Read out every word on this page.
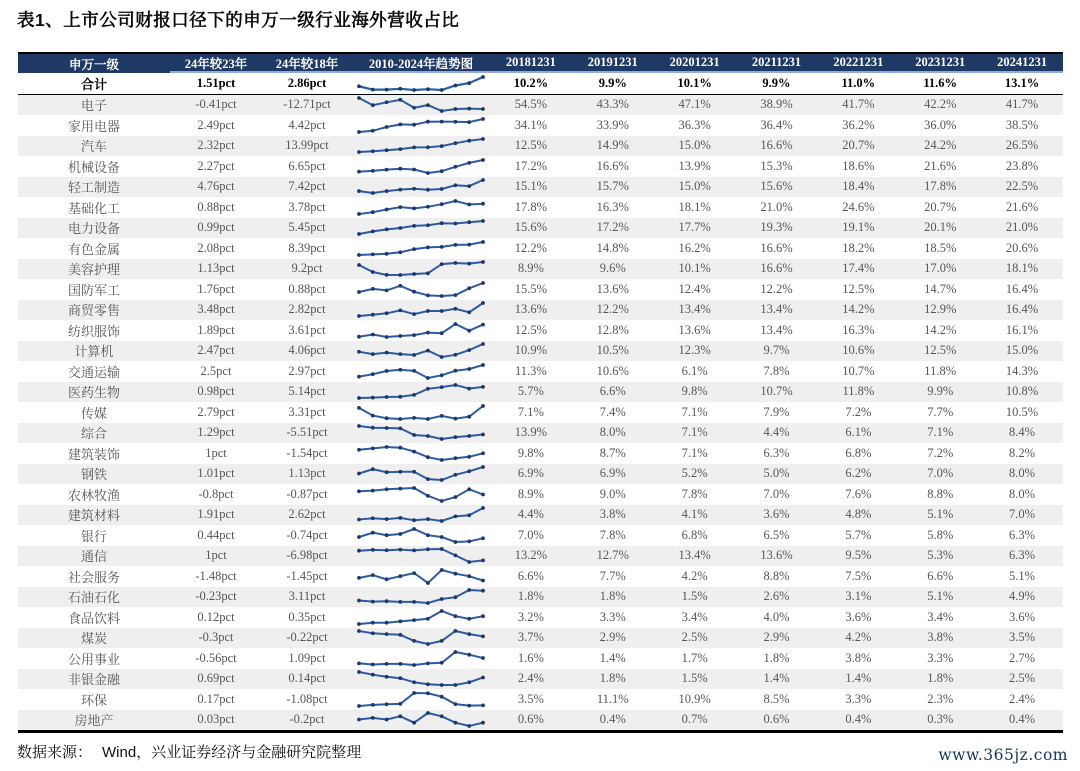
表1、上市公司财报口径下的申万一级行业海外营收占比
申万一级	24年较23年	24年较18年	2010-2024年趋势图	20181231	20191231	20201231	20211231	20221231	20231231	20241231
合计	1.51pct	2.86pct	10.2%	9.9%	10.1%	9.9%	11.0%	11.6%	13.1%
电子	-0.41pct	-12.71pct	54.5%	43.3%	47.1%	38.9%	41.7%	42.2%	41.7%
家用电器	2.49pct	4.42pct	34.1%	33.9%	36.3%	36.4%	36.2%	36.0%	38.5%
汽车	2.32pct	13.99pct	12.5%	14.9%	15.0%	16.6%	20.7%	24.2%	26.5%
机械设备	2.27pct	6.65pct	17.2%	16.6%	13.9%	15.3%	18.6%	21.6%	23.8%
轻工制造	4.76pct	7.42pct	15.1%	15.7%	15.0%	15.6%	18.4%	17.8%	22.5%
基础化工	0.88pct	3.78pct	17.8%	16.3%	18.1%	21.0%	24.6%	20.7%	21.6%
电力设备	0.99pct	5.45pct	15.6%	17.2%	17.7%	19.3%	19.1%	20.1%	21.0%
有色金属	2.08pct	8.39pct	12.2%	14.8%	16.2%	16.6%	18.2%	18.5%	20.6%
美容护理	1.13pct	9.2pct	8.9%	9.6%	10.1%	16.6%	17.4%	17.0%	18.1%
国防军工	1.76pct	0.88pct	15.5%	13.6%	12.4%	12.2%	12.5%	14.7%	16.4%
商贸零售	3.48pct	2.82pct	13.6%	12.2%	13.4%	13.4%	14.2%	12.9%	16.4%
纺织服饰	1.89pct	3.61pct	12.5%	12.8%	13.6%	13.4%	16.3%	14.2%	16.1%
计算机	2.47pct	4.06pct	10.9%	10.5%	12.3%	9.7%	10.6%	12.5%	15.0%
交通运输	2.5pct	2.97pct	11.3%	10.6%	6.1%	7.8%	10.7%	11.8%	14.3%
医药生物	0.98pct	5.14pct	5.7%	6.6%	9.8%	10.7%	11.8%	9.9%	10.8%
传媒	2.79pct	3.31pct	7.1%	7.4%	7.1%	7.9%	7.2%	7.7%	10.5%
综合	1.29pct	-5.51pct	13.9%	8.0%	7.1%	4.4%	6.1%	7.1%	8.4%
建筑装饰	1pct	-1.54pct	9.8%	8.7%	7.1%	6.3%	6.8%	7.2%	8.2%
钢铁	1.01pct	1.13pct	6.9%	6.9%	5.2%	5.0%	6.2%	7.0%	8.0%
农林牧渔	-0.8pct	-0.87pct	8.9%	9.0%	7.8%	7.0%	7.6%	8.8%	8.0%
建筑材料	1.91pct	2.62pct	4.4%	3.8%	4.1%	3.6%	4.8%	5.1%	7.0%
银行	0.44pct	-0.74pct	7.0%	7.8%	6.8%	6.5%	5.7%	5.8%	6.3%
通信	1pct	-6.98pct	13.2%	12.7%	13.4%	13.6%	9.5%	5.3%	6.3%
社会服务	-1.48pct	-1.45pct	6.6%	7.7%	4.2%	8.8%	7.5%	6.6%	5.1%
石油石化	-0.23pct	3.11pct	1.8%	1.8%	1.5%	2.6%	3.1%	5.1%	4.9%
食品饮料	0.12pct	0.35pct	3.2%	3.3%	3.4%	4.0%	3.6%	3.4%	3.6%
煤炭	-0.3pct	-0.22pct	3.7%	2.9%	2.5%	2.9%	4.2%	3.8%	3.5%
公用事业	-0.56pct	1.09pct	1.6%	1.4%	1.7%	1.8%	3.8%	3.3%	2.7%
非银金融	0.69pct	0.14pct	2.4%	1.8%	1.5%	1.4%	1.4%	1.8%	2.5%
环保	0.17pct	-1.08pct	3.5%	11.1%	10.9%	8.5%	3.3%	2.3%	2.4%
房地产	0.03pct	-0.2pct	0.6%	0.4%	0.7%	0.6%	0.4%	0.3%	0.4%
数据来源： Wind，兴业证券经济与金融研究院整理	www.365jz.com
